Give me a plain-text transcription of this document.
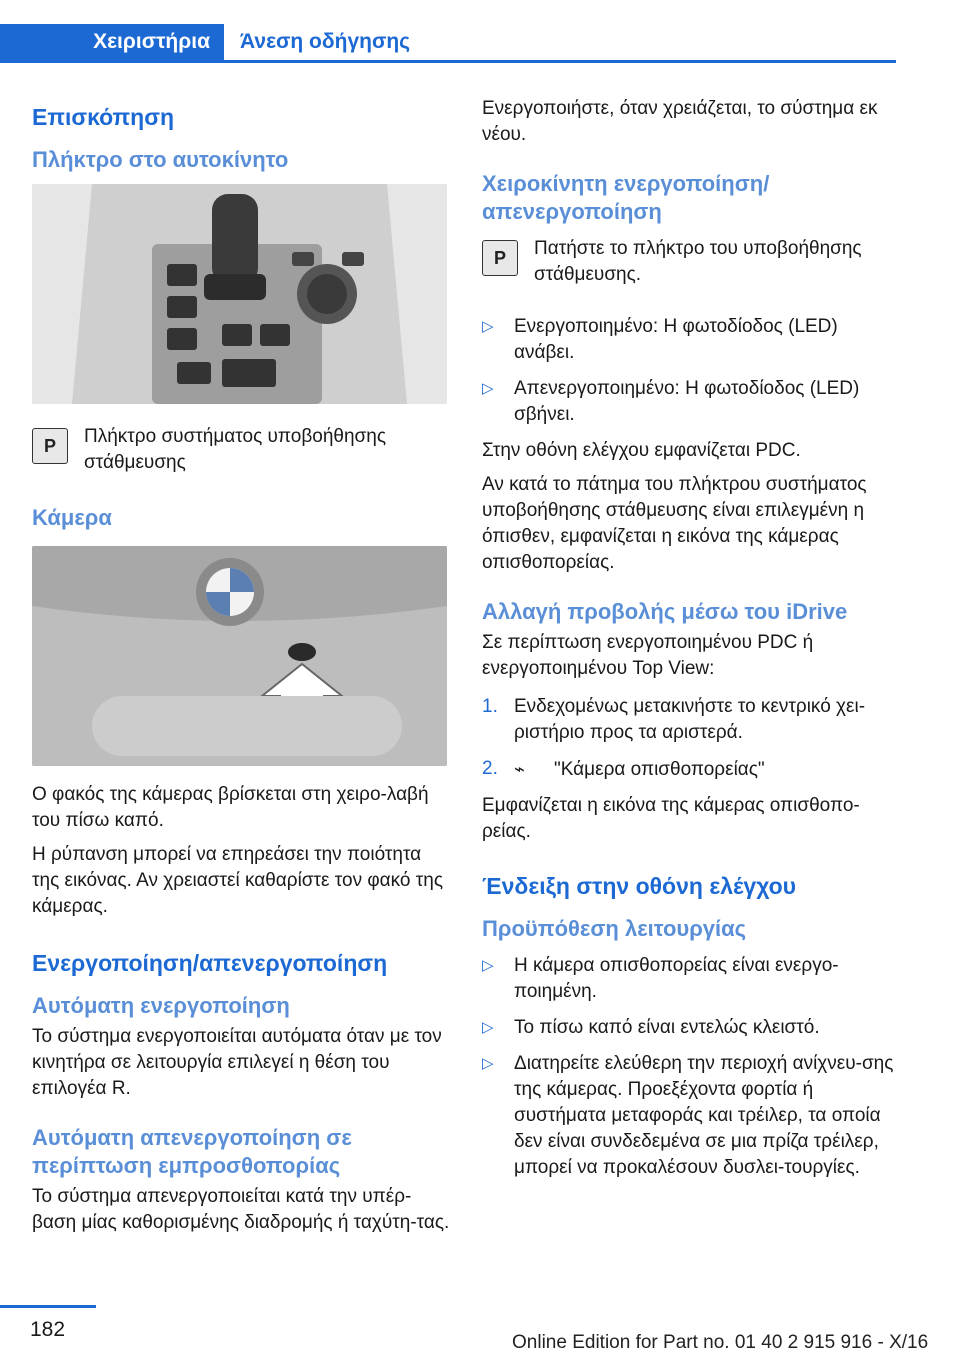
Χειριστήρια	Άνεση οδήγησης
Επισκόπηση
Πλήκτρο στο αυτοκίνητο
P	Πλήκτρο συστήματος υποβοήθησης στάθμευσης
Κάμερα

Ο φακός της κάμερας βρίσκεται στη χειρο-λαβή του πίσω καπό.

Η ρύπανση μπορεί να επηρεάσει την ποιότητα της εικόνας. Αν χρειαστεί καθαρίστε τον φακό της κάμερας.

Ενεργοποίηση/απενεργοποίηση
Αυτόματη ενεργοποίηση

Το σύστημα ενεργοποιείται αυτόματα όταν με τον κινητήρα σε λειτουργία επιλεγεί η θέση του επιλογέα R.

Αυτόματη απενεργοποίηση σε περίπτωση εμπροσθοπορίας

Το σύστημα απενεργοποιείται κατά την υπέρ-βαση μίας καθορισμένης διαδρομής ή ταχύτη-τας.

Ενεργοποιήστε, όταν χρειάζεται, το σύστημα εκ νέου.

Χειροκίνητη ενεργοποίηση/απενεργοποίηση
P	Πατήστε το πλήκτρο του υποβοήθησης στάθμευσης.
▷ Ενεργοποιημένο: Η φωτοδίοδος (LED) ανάβει.
▷ Απενεργοποιημένο: Η φωτοδίοδος (LED) σβήνει.

Στην οθόνη ελέγχου εμφανίζεται PDC.

Αν κατά το πάτημα του πλήκτρου συστήματος υποβοήθησης στάθμευσης είναι επιλεγμένη η όπισθεν, εμφανίζεται η εικόνα της κάμερας οπισθοπορείας.

Αλλαγή προβολής μέσω του iDrive

Σε περίπτωση ενεργοποιημένου PDC ή ενεργοποιημένου Top View:

1. Ενδεχομένως μετακινήστε το κεντρικό χει-ριστήριο προς τα αριστερά.
2. ⌁ "Κάμερα οπισθοπορείας"

Εμφανίζεται η εικόνα της κάμερας οπισθοπο-ρείας.

Ένδειξη στην οθόνη ελέγχου
Προϋπόθεση λειτουργίας
▷ Η κάμερα οπισθοπορείας είναι ενεργο-ποιημένη.
▷ Το πίσω καπό είναι εντελώς κλειστό.
▷ Διατηρείτε ελεύθερη την περιοχή ανίχνευ-σης της κάμερας. Προεξέχοντα φορτία ή συστήματα μεταφοράς και τρέιλερ, τα οποία δεν είναι συνδεδεμένα σε μια πρίζα τρέιλερ, μπορεί να προκαλέσουν δυσλει-τουργίες.
182
Online Edition for Part no. 01 40 2 915 916 - X/16
